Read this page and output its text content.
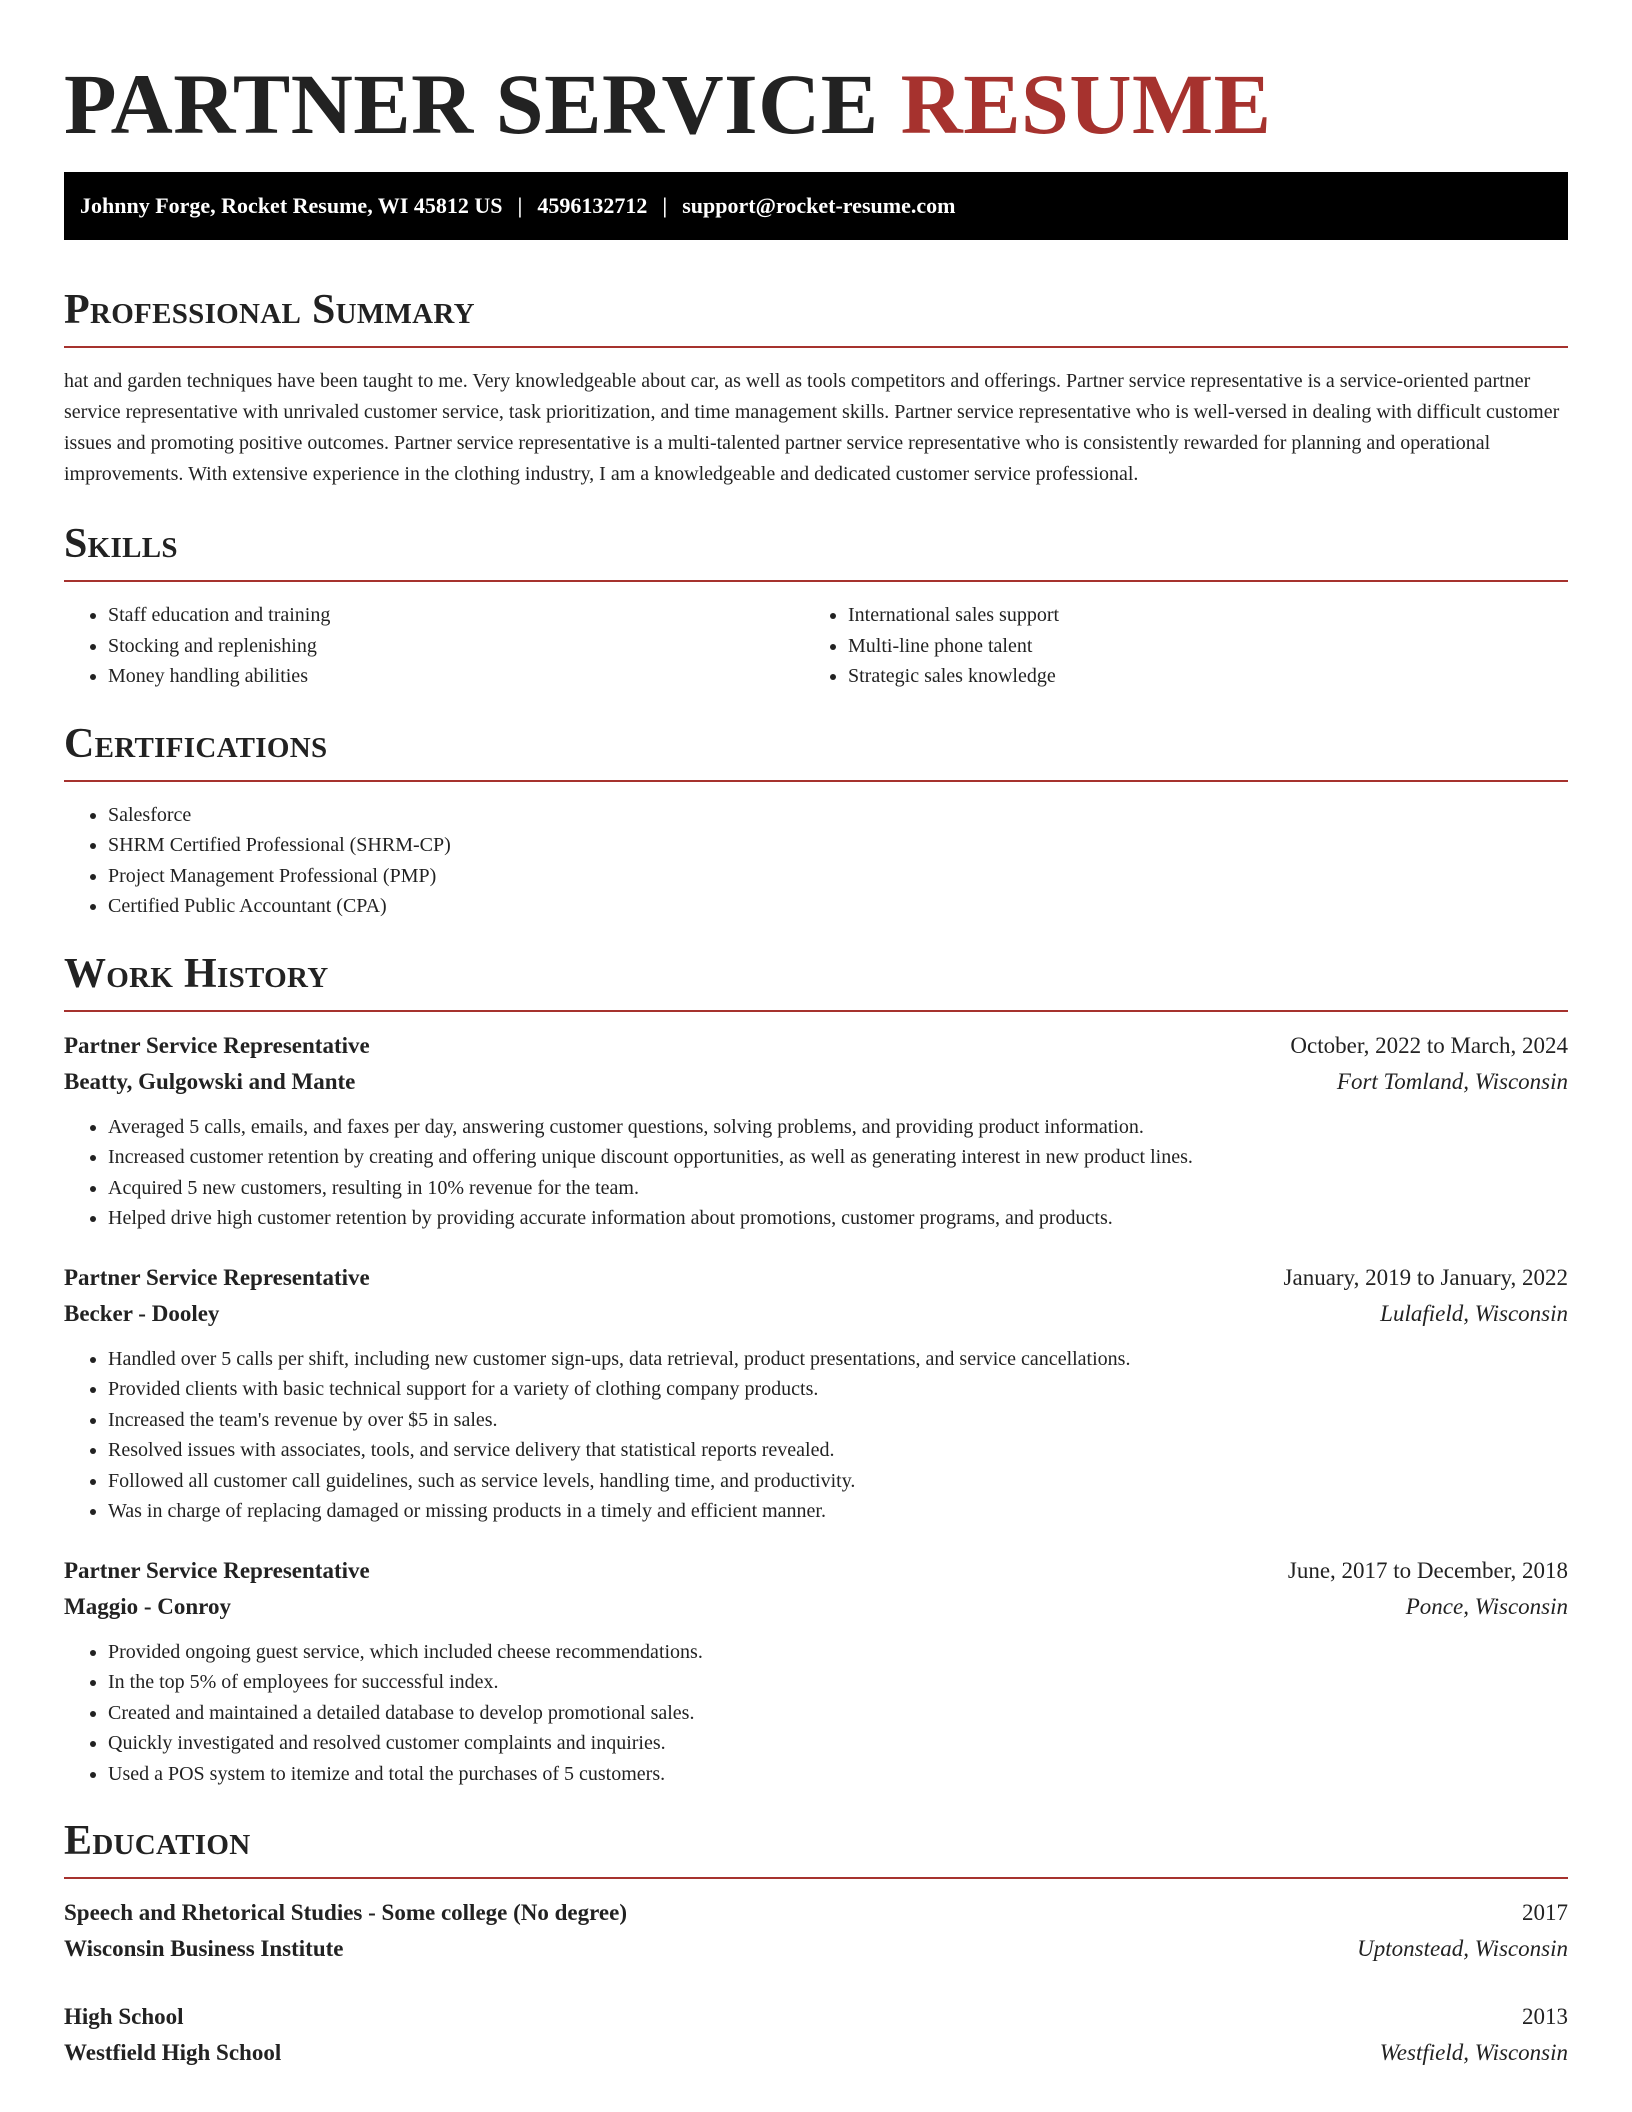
PARTNER SERVICE RESUME
Johnny Forge, Rocket Resume, WI 45812 US | 4596132712 | support@rocket-resume.com
Professional Summary

hat and garden techniques have been taught to me. Very knowledgeable about car, as well as tools competitors and offerings. Partner service representative is a service-oriented partner service representative with unrivaled customer service, task prioritization, and time management skills. Partner service representative who is well-versed in dealing with difficult customer issues and promoting positive outcomes. Partner service representative is a multi-talented partner service representative who is consistently rewarded for planning and operational improvements. With extensive experience in the clothing industry, I am a knowledgeable and dedicated customer service professional.

Skills
• Staff education and training
• Stocking and replenishing
• Money handling abilities
• International sales support
• Multi-line phone talent
• Strategic sales knowledge
Certifications
• Salesforce
• SHRM Certified Professional (SHRM-CP)
• Project Management Professional (PMP)
• Certified Public Accountant (CPA)
Work History
Partner Service Representative	October, 2022 to March, 2024
Beatty, Gulgowski and Mante	Fort Tomland, Wisconsin
• Averaged 5 calls, emails, and faxes per day, answering customer questions, solving problems, and providing product information.
• Increased customer retention by creating and offering unique discount opportunities, as well as generating interest in new product lines.
• Acquired 5 new customers, resulting in 10% revenue for the team.
• Helped drive high customer retention by providing accurate information about promotions, customer programs, and products.
Partner Service Representative	January, 2019 to January, 2022
Becker - Dooley	Lulafield, Wisconsin
• Handled over 5 calls per shift, including new customer sign-ups, data retrieval, product presentations, and service cancellations.
• Provided clients with basic technical support for a variety of clothing company products.
• Increased the team's revenue by over $5 in sales.
• Resolved issues with associates, tools, and service delivery that statistical reports revealed.
• Followed all customer call guidelines, such as service levels, handling time, and productivity.
• Was in charge of replacing damaged or missing products in a timely and efficient manner.
Partner Service Representative	June, 2017 to December, 2018
Maggio - Conroy	Ponce, Wisconsin
• Provided ongoing guest service, which included cheese recommendations.
• In the top 5% of employees for successful index.
• Created and maintained a detailed database to develop promotional sales.
• Quickly investigated and resolved customer complaints and inquiries.
• Used a POS system to itemize and total the purchases of 5 customers.
Education
Speech and Rhetorical Studies - Some college (No degree)	2017
Wisconsin Business Institute	Uptonstead, Wisconsin
High School	2013
Westfield High School	Westfield, Wisconsin
